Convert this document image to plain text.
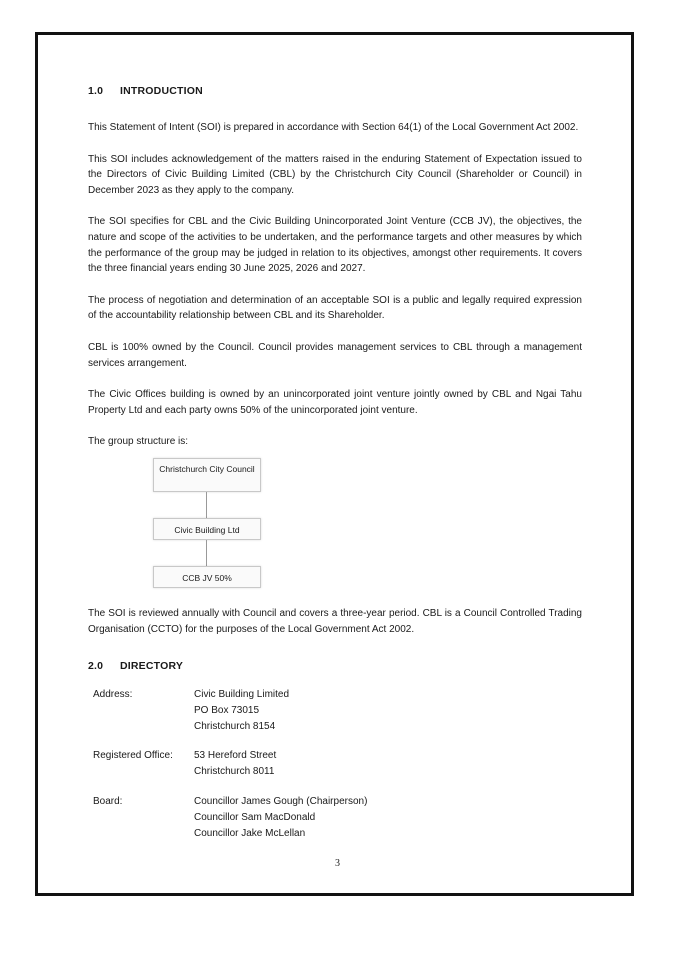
1.0 INTRODUCTION

This Statement of Intent (SOI) is prepared in accordance with Section 64(1) of the Local Government Act 2002.

This SOI includes acknowledgement of the matters raised in the enduring Statement of Expectation issued to the Directors of Civic Building Limited (CBL) by the Christchurch City Council (Shareholder or Council) in December 2023 as they apply to the company.

The SOI specifies for CBL and the Civic Building Unincorporated Joint Venture (CCB JV), the objectives, the nature and scope of the activities to be undertaken, and the performance targets and other measures by which the performance of the group may be judged in relation to its objectives, amongst other requirements. It covers the three financial years ending 30 June 2025, 2026 and 2027.

The process of negotiation and determination of an acceptable SOI is a public and legally required expression of the accountability relationship between CBL and its Shareholder.

CBL is 100% owned by the Council. Council provides management services to CBL through a management services arrangement.

The Civic Offices building is owned by an unincorporated joint venture jointly owned by CBL and Ngai Tahu Property Ltd and each party owns 50% of the unincorporated joint venture.

The group structure is:

Christchurch City Council
Civic Building Ltd
CCB JV 50%

The SOI is reviewed annually with Council and covers a three-year period. CBL is a Council Controlled Trading Organisation (CCTO) for the purposes of the Local Government Act 2002.

2.0 DIRECTORY
Address:	Civic Building Limited
PO Box 73015
Christchurch 8154
Registered Office:	53 Hereford Street
Christchurch 8011
Board:	Councillor James Gough (Chairperson)
Councillor Sam MacDonald
Councillor Jake McLellan
3
